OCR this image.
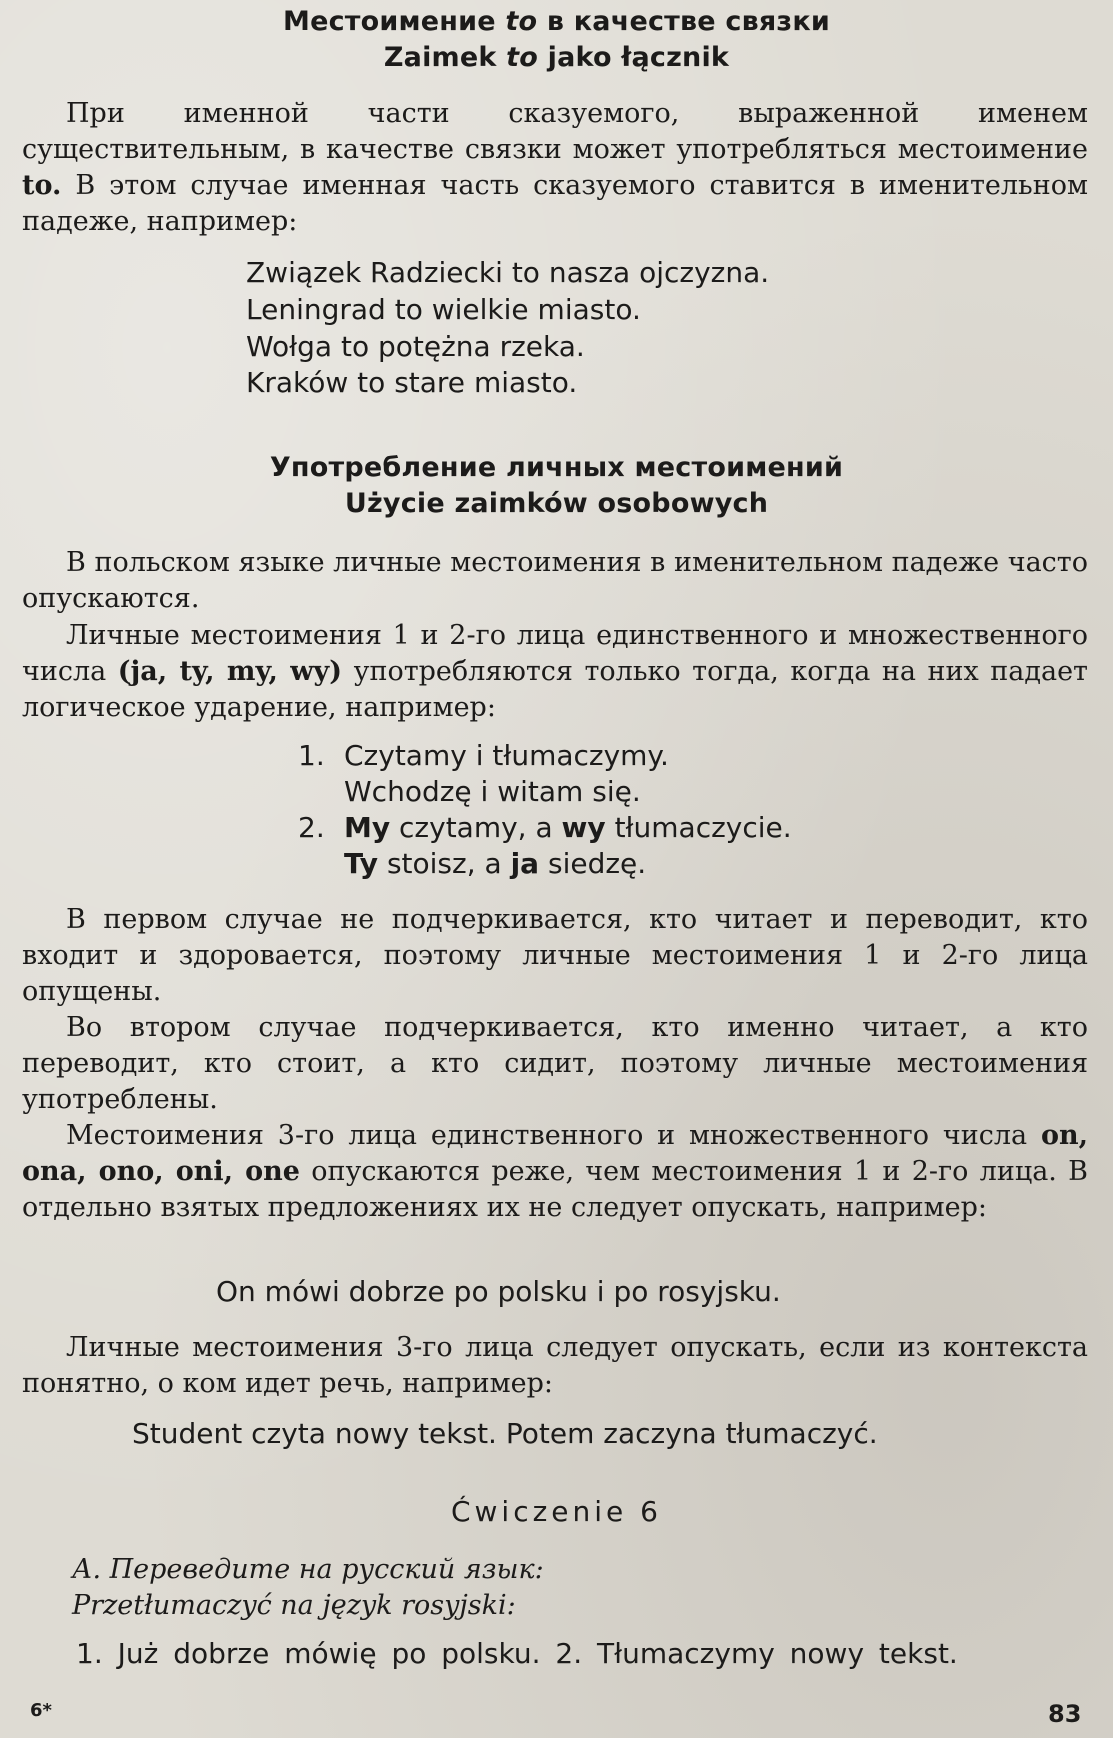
Местоимение to в качестве связки
Zaimek to jako łącznik
При именной части сказуемого, выраженной именем существительным, в качестве связки может употребляться местоимение to. В этом случае именная часть сказуемого ставится в именительном падеже, например:
Związek Radziecki to nasza ojczyzna.
Leningrad to wielkie miasto.
Wołga to potężna rzeka.
Kraków to stare miasto.
Употребление личных местоимений
Użycie zaimków osobowych
В польском языке личные местоимения в именительном падеже часто опускаются.
Личные местоимения 1 и 2-го лица единственного и множественного числа (ja, ty, my, wy) употребляются только тогда, когда на них падает логическое ударение, например:
1. Czytamy i tłumaczymy.
Wchodzę i witam się.
2. My czytamy, a wy tłumaczycie.
Ty stoisz, a ja siedzę.
В первом случае не подчеркивается, кто читает и переводит, кто входит и здоровается, поэтому личные местоимения 1 и 2-го лица опущены.
Во втором случае подчеркивается, кто именно читает, а кто переводит, кто стоит, а кто сидит, поэтому личные местоимения употреблены.
Местоимения 3-го лица единственного и множественного числа on, ona, ono, oni, one опускаются реже, чем местоимения 1 и 2-го лица. В отдельно взятых предложениях их не следует опускать, например:
On mówi dobrze po polsku i po rosyjsku.
Личные местоимения 3-го лица следует опускать, если из контекста понятно, о ком идет речь, например:
Student czyta nowy tekst. Potem zaczyna tłumaczyć.
Ćwiczenie 6
А. Переведите на русский язык:
Przetłumaczyć na język rosyjski:
1. Już dobrze mówię po polsku. 2. Tłumaczymy nowy tekst.
6*	83
